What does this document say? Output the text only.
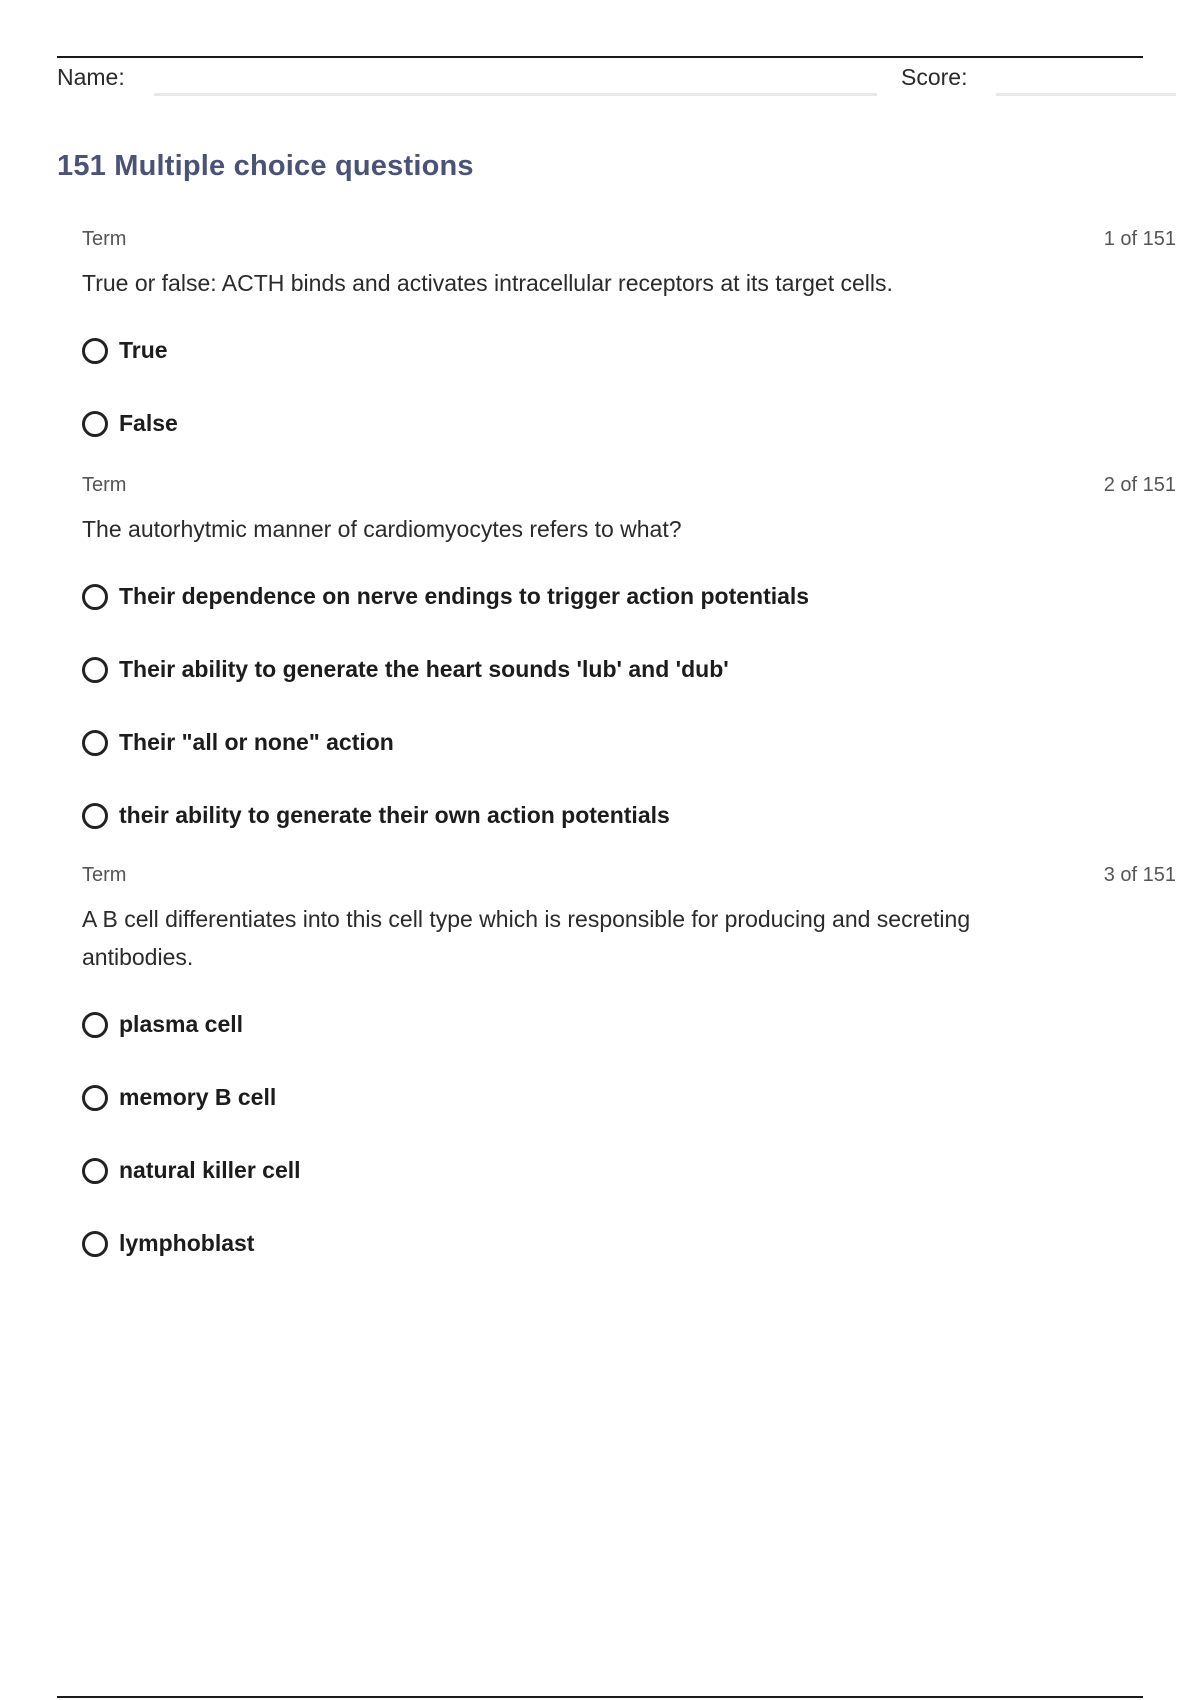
Name:	Score:
151 Multiple choice questions
Term	1 of 151
True or false: ACTH binds and activates intracellular receptors at its target cells.
True
False
Term	2 of 151
The autorhytmic manner of cardiomyocytes refers to what?
Their dependence on nerve endings to trigger action potentials
Their ability to generate the heart sounds 'lub' and 'dub'
Their "all or none" action
their ability to generate their own action potentials
Term	3 of 151
A B cell differentiates into this cell type which is responsible for producing and secreting antibodies.
plasma cell
memory B cell
natural killer cell
lymphoblast
